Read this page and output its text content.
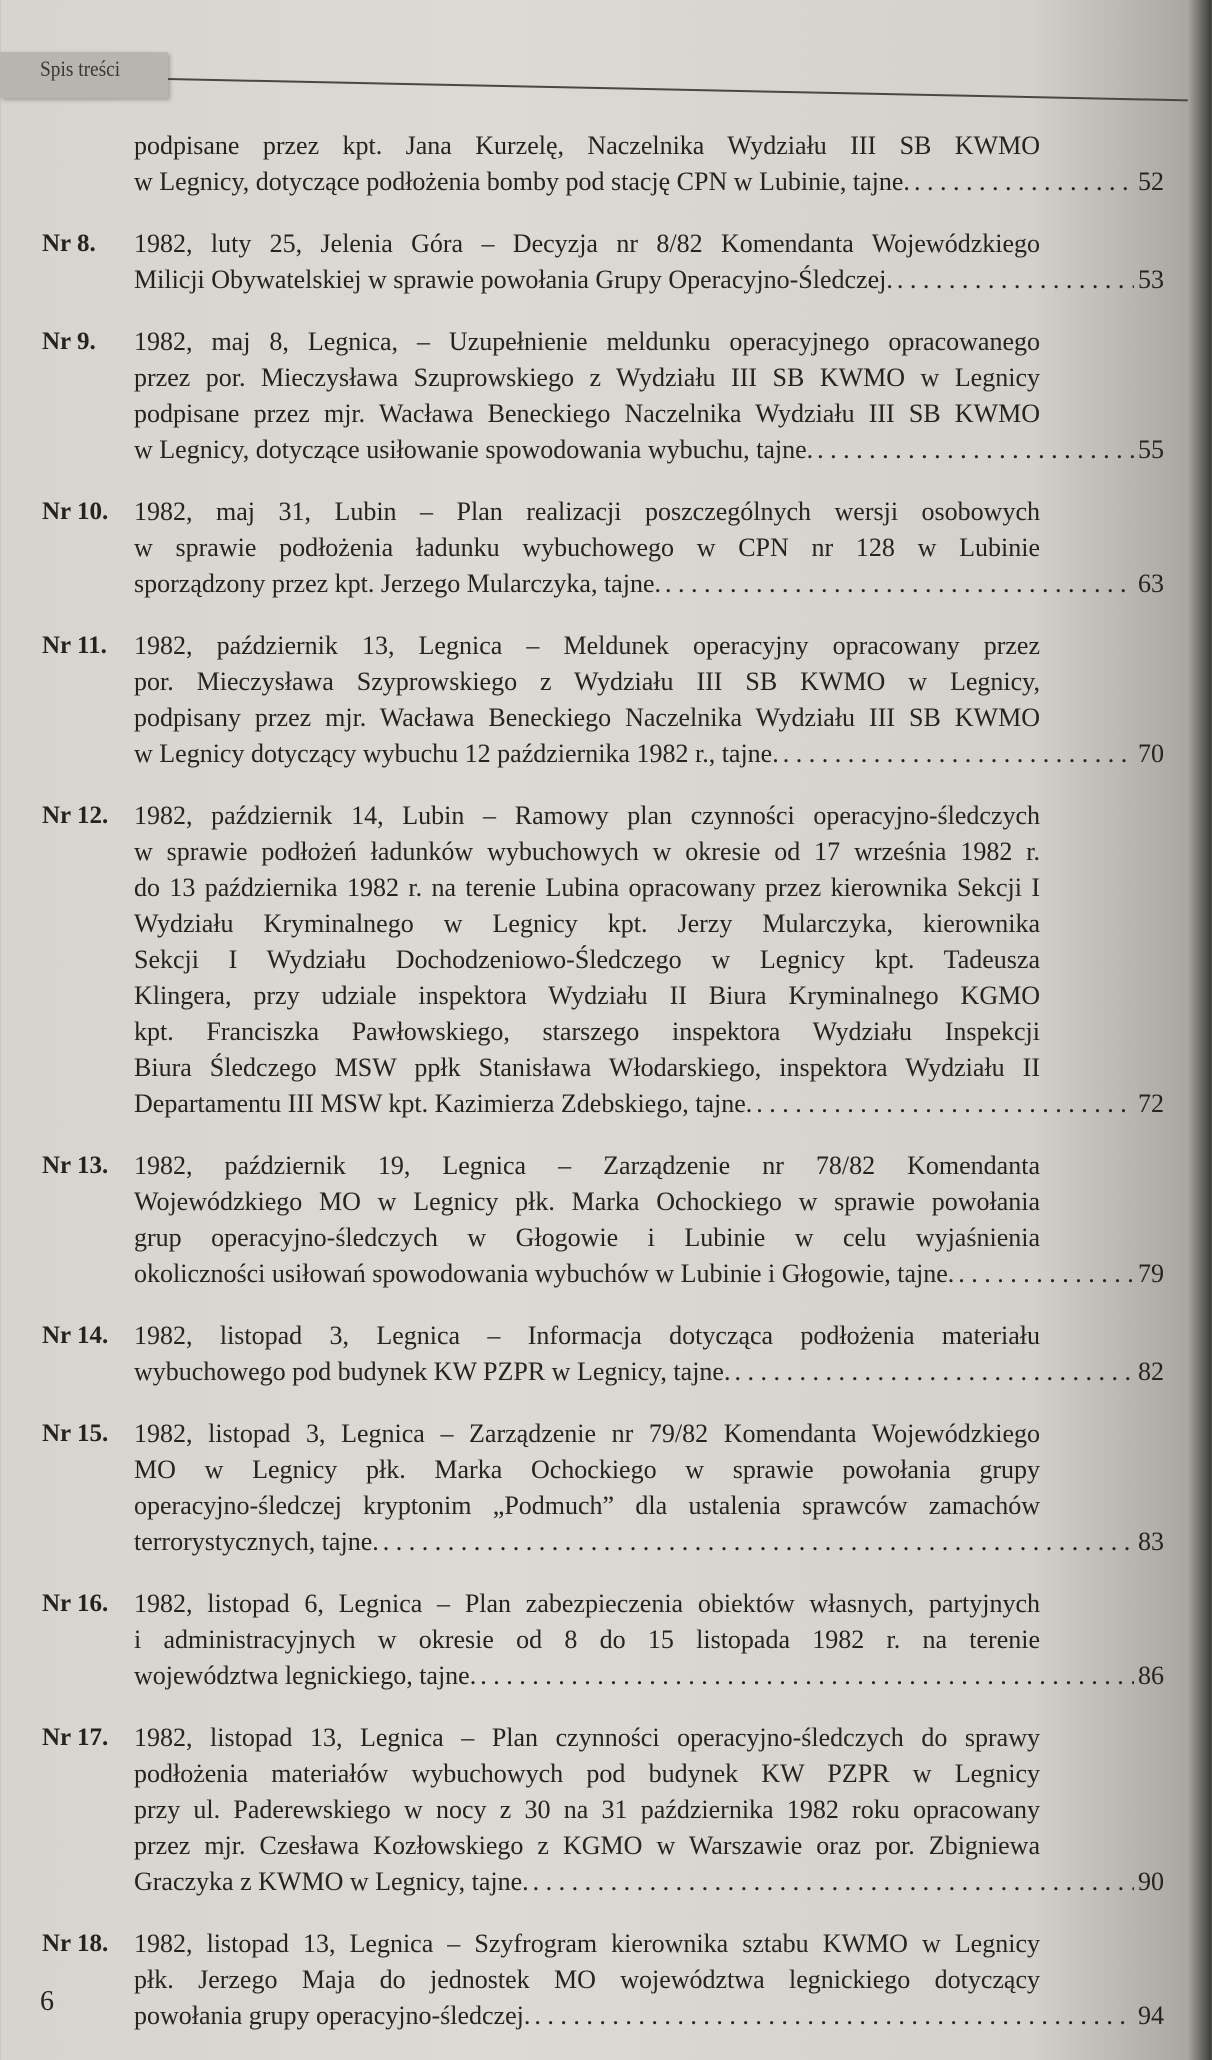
Spis treści
podpisane przez kpt. Jana Kurzelę, Naczelnika Wydziału III SB KWMO
w Legnicy, dotyczące podłożenia bomby pod stację CPN w Lubinie, tajne. . . .	52
Nr 8. 1982, luty 25, Jelenia Góra – Decyzja nr 8/82 Komendanta Wojewódzkiego
Milicji Obywatelskiej w sprawie powołania Grupy Operacyjno-Śledczej. . . .	53
Nr 9. 1982, maj 8, Legnica, – Uzupełnienie meldunku operacyjnego opracowanego
przez por. Mieczysława Szuprowskiego z Wydziału III SB KWMO w Legnicy
podpisane przez mjr. Wacława Beneckiego Naczelnika Wydziału III SB KWMO
w Legnicy, dotyczące usiłowanie spowodowania wybuchu, tajne. . . .	55
Nr 10. 1982, maj 31, Lubin – Plan realizacji poszczególnych wersji osobowych
w sprawie podłożenia ładunku wybuchowego w CPN nr 128 w Lubinie
sporządzony przez kpt. Jerzego Mularczyka, tajne. . . .	63
Nr 11. 1982, październik 13, Legnica – Meldunek operacyjny opracowany przez
por. Mieczysława Szyprowskiego z Wydziału III SB KWMO w Legnicy,
podpisany przez mjr. Wacława Beneckiego Naczelnika Wydziału III SB KWMO
w Legnicy dotyczący wybuchu 12 października 1982 r., tajne. . . .	70
Nr 12. 1982, październik 14, Lubin – Ramowy plan czynności operacyjno-śledczych
w sprawie podłożeń ładunków wybuchowych w okresie od 17 września 1982 r.
do 13 października 1982 r. na terenie Lubina opracowany przez kierownika Sekcji I
Wydziału Kryminalnego w Legnicy kpt. Jerzy Mularczyka, kierownika
Sekcji I Wydziału Dochodzeniowo-Śledczego w Legnicy kpt. Tadeusza
Klingera, przy udziale inspektora Wydziału II Biura Kryminalnego KGMO
kpt. Franciszka Pawłowskiego, starszego inspektora Wydziału Inspekcji
Biura Śledczego MSW ppłk Stanisława Włodarskiego, inspektora Wydziału II
Departamentu III MSW kpt. Kazimierza Zdebskiego, tajne. . . .	72
Nr 13. 1982, październik 19, Legnica – Zarządzenie nr 78/82 Komendanta
Wojewódzkiego MO w Legnicy płk. Marka Ochockiego w sprawie powołania
grup operacyjno-śledczych w Głogowie i Lubinie w celu wyjaśnienia
okoliczności usiłowań spowodowania wybuchów w Lubinie i Głogowie, tajne. . . .	79
Nr 14. 1982, listopad 3, Legnica – Informacja dotycząca podłożenia materiału
wybuchowego pod budynek KW PZPR w Legnicy, tajne. . . .	82
Nr 15. 1982, listopad 3, Legnica – Zarządzenie nr 79/82 Komendanta Wojewódzkiego
MO w Legnicy płk. Marka Ochockiego w sprawie powołania grupy
operacyjno-śledczej kryptonim „Podmuch” dla ustalenia sprawców zamachów
terrorystycznych, tajne. . . .	83
Nr 16. 1982, listopad 6, Legnica – Plan zabezpieczenia obiektów własnych, partyjnych
i administracyjnych w okresie od 8 do 15 listopada 1982 r. na terenie
województwa legnickiego, tajne. . . .	86
Nr 17. 1982, listopad 13, Legnica – Plan czynności operacyjno-śledczych do sprawy
podłożenia materiałów wybuchowych pod budynek KW PZPR w Legnicy
przy ul. Paderewskiego w nocy z 30 na 31 października 1982 roku opracowany
przez mjr. Czesława Kozłowskiego z KGMO w Warszawie oraz por. Zbigniewa
Graczyka z KWMO w Legnicy, tajne. . . .	90
Nr 18. 1982, listopad 13, Legnica – Szyfrogram kierownika sztabu KWMO w Legnicy
płk. Jerzego Maja do jednostek MO województwa legnickiego dotyczący
powołania grupy operacyjno-śledczej. . . .	94
6
